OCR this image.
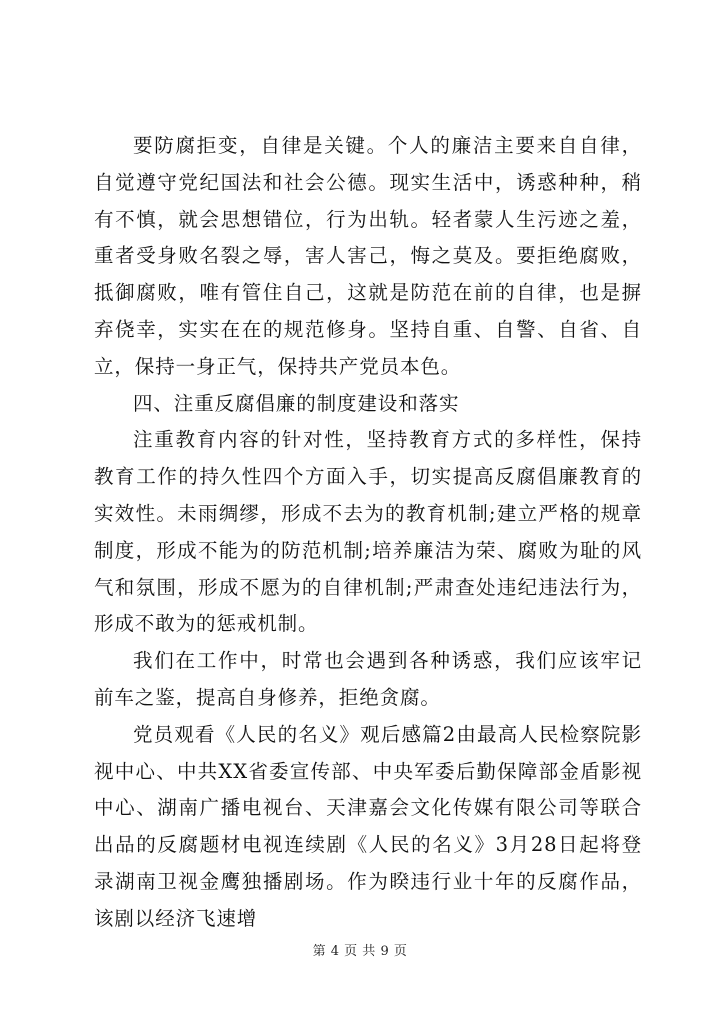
要防腐拒变，自律是关键。个人的廉洁主要来自自律，自觉遵守党纪国法和社会公德。现实生活中，诱惑种种，稍有不慎，就会思想错位，行为出轨。轻者蒙人生污迹之羞，重者受身败名裂之辱，害人害己，悔之莫及。要拒绝腐败，抵御腐败，唯有管住自己，这就是防范在前的自律，也是摒弃侥幸，实实在在的规范修身。坚持自重、自警、自省、自立，保持一身正气，保持共产党员本色。

四、注重反腐倡廉的制度建设和落实

注重教育内容的针对性，坚持教育方式的多样性，保持教育工作的持久性四个方面入手，切实提高反腐倡廉教育的实效性。未雨绸缪，形成不去为的教育机制;建立严格的规章制度，形成不能为的防范机制;培养廉洁为荣、腐败为耻的风气和氛围，形成不愿为的自律机制;严肃查处违纪违法行为，形成不敢为的惩戒机制。

我们在工作中，时常也会遇到各种诱惑，我们应该牢记前车之鉴，提高自身修养，拒绝贪腐。

党员观看《人民的名义》观后感篇2由最高人民检察院影视中心、中共XX省委宣传部、中央军委后勤保障部金盾影视中心、湖南广播电视台、天津嘉会文化传媒有限公司等联合出品的反腐题材电视连续剧《人民的名义》3月28日起将登录湖南卫视金鹰独播剧场。作为睽违行业十年的反腐作品，该剧以经济飞速增

第 4 页 共 9 页
